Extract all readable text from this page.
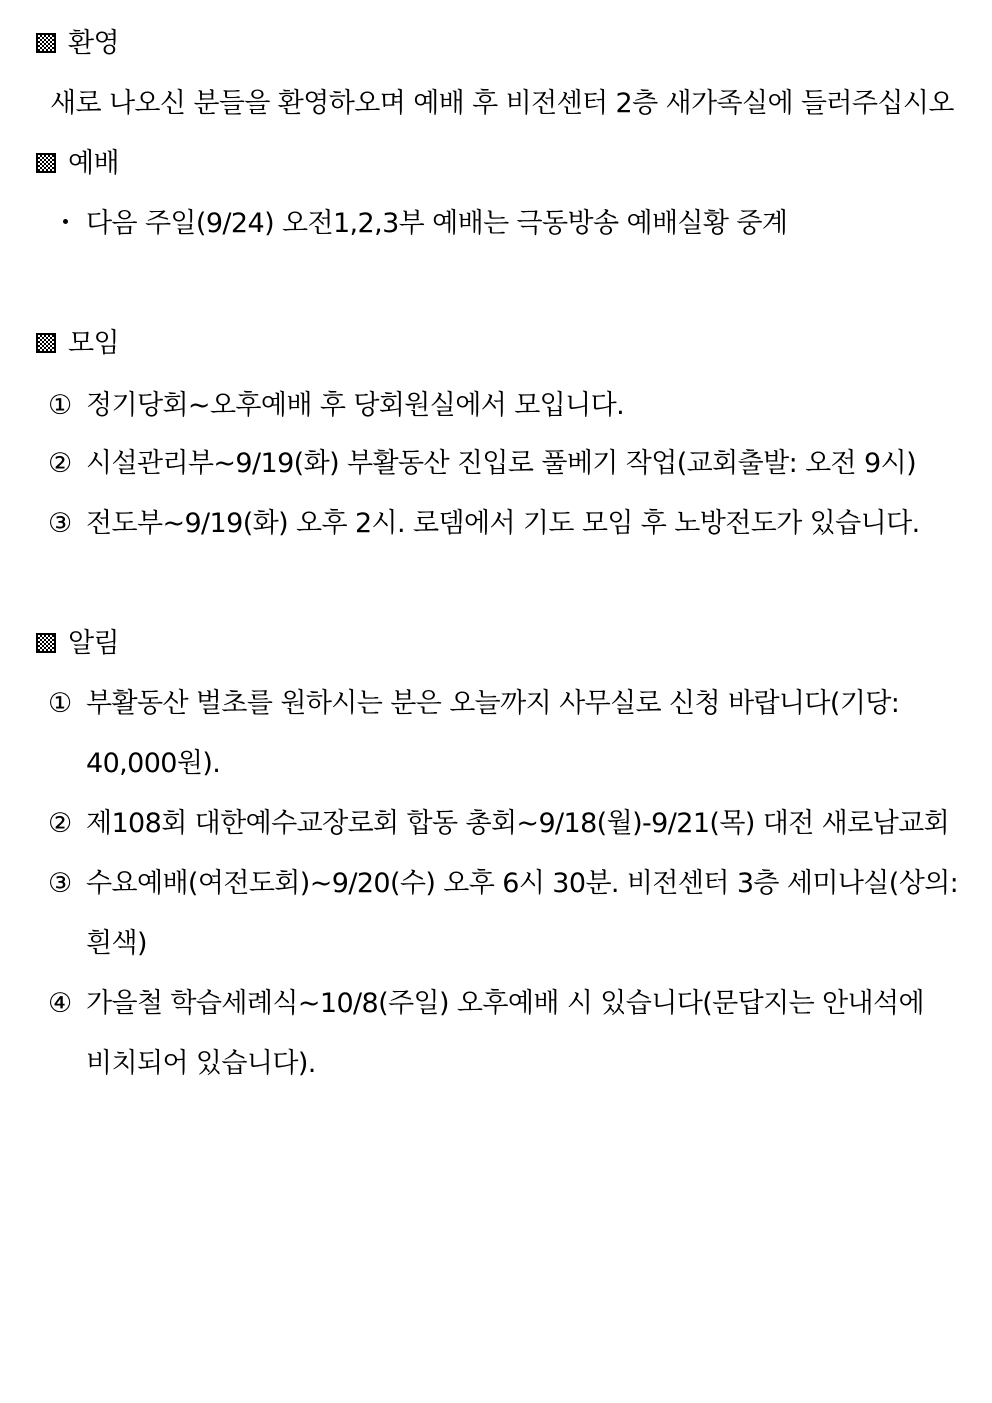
환영
새로 나오신 분들을 환영하오며 예배 후 비전센터 2층 새가족실에 들러주십시오
예배
・ 다음 주일(9/24) 오전1,2,3부 예배는 극동방송 예배실황 중계
모임
① 정기당회~오후예배 후 당회원실에서 모입니다.
② 시설관리부~9/19(화) 부활동산 진입로 풀베기 작업(교회출발: 오전 9시)
③ 전도부~9/19(화) 오후 2시. 로뎀에서 기도 모임 후 노방전도가 있습니다.
알림
① 부활동산 벌초를 원하시는 분은 오늘까지 사무실로 신청 바랍니다(기당:
40,000원).
② 제108회 대한예수교장로회 합동 총회~9/18(월)-9/21(목) 대전 새로남교회
③ 수요예배(여전도회)~9/20(수) 오후 6시 30분. 비전센터 3층 세미나실(상의:
흰색)
④ 가을철 학습세례식~10/8(주일) 오후예배 시 있습니다(문답지는 안내석에
비치되어 있습니다).
